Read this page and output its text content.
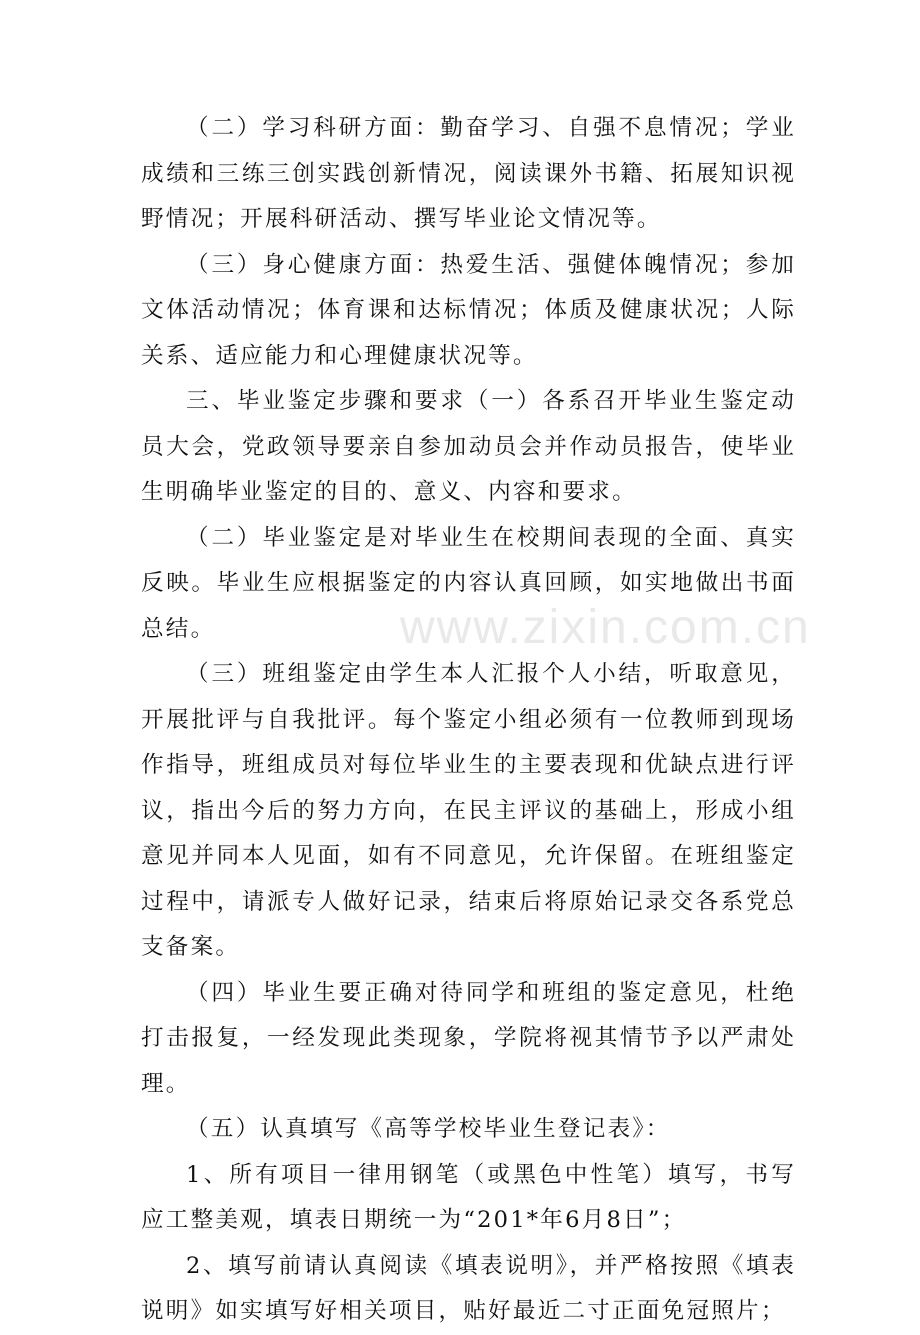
www.zixin.com.cn

（二）学习科研方面：勤奋学习、自强不息情况；学业成绩和三练三创实践创新情况，阅读课外书籍、拓展知识视野情况；开展科研活动、撰写毕业论文情况等。

（三）身心健康方面：热爱生活、强健体魄情况；参加文体活动情况；体育课和达标情况；体质及健康状况；人际关系、适应能力和心理健康状况等。

三、毕业鉴定步骤和要求（一）各系召开毕业生鉴定动员大会，党政领导要亲自参加动员会并作动员报告，使毕业生明确毕业鉴定的目的、意义、内容和要求。

（二）毕业鉴定是对毕业生在校期间表现的全面、真实反映。毕业生应根据鉴定的内容认真回顾，如实地做出书面总结。

（三）班组鉴定由学生本人汇报个人小结，听取意见，开展批评与自我批评。每个鉴定小组必须有一位教师到现场作指导，班组成员对每位毕业生的主要表现和优缺点进行评议，指出今后的努力方向，在民主评议的基础上，形成小组意见并同本人见面，如有不同意见，允许保留。在班组鉴定过程中，请派专人做好记录，结束后将原始记录交各系党总支备案。

（四）毕业生要正确对待同学和班组的鉴定意见，杜绝打击报复，一经发现此类现象，学院将视其情节予以严肃处理。

（五）认真填写《高等学校毕业生登记表》：

1、所有项目一律用钢笔（或黑色中性笔）填写，书写应工整美观，填表日期统一为“201*年6月8日”；

2、填写前请认真阅读《填表说明》，并严格按照《填表说明》如实填写好相关项目，贴好最近二寸正面免冠照片；
